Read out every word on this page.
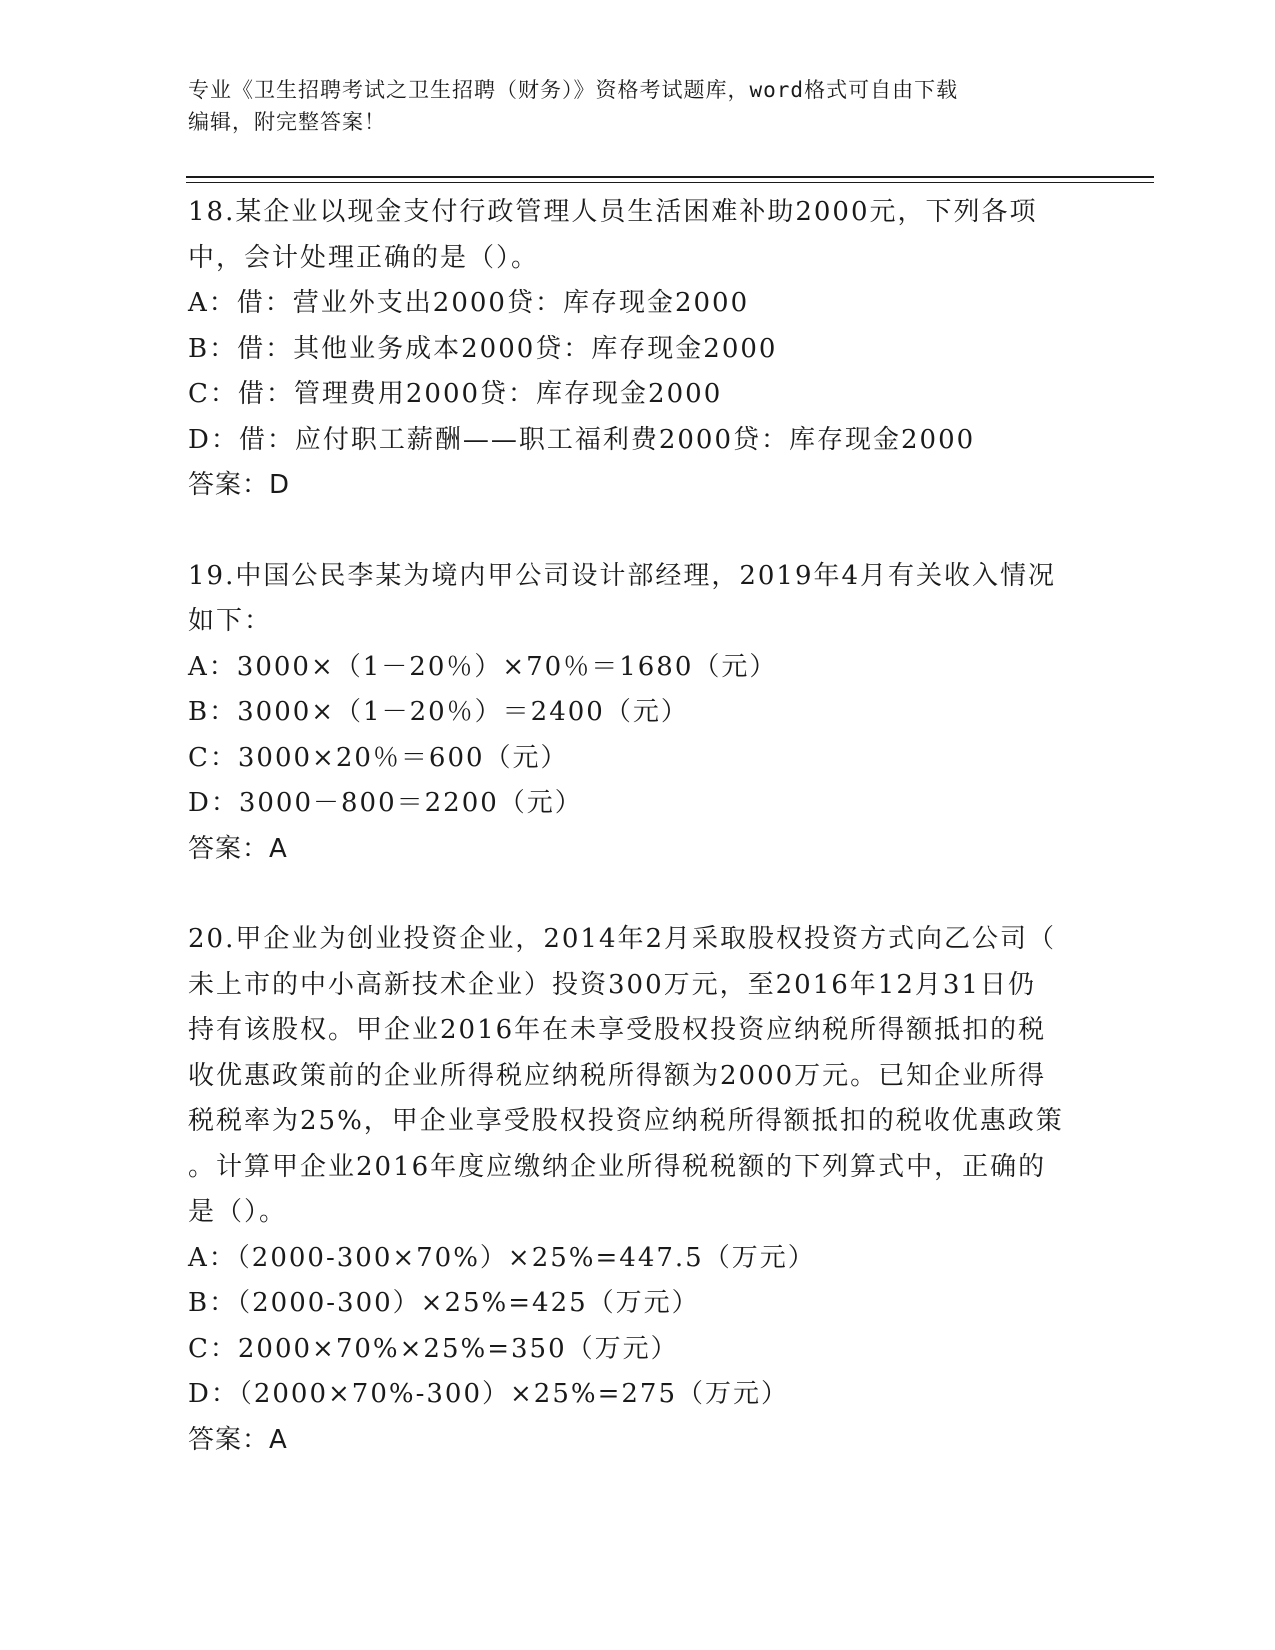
专业《卫生招聘考试之卫生招聘（财务）》资格考试题库，word格式可自由下载
编辑，附完整答案！

18.某企业以现金支付行政管理人员生活困难补助2000元，下列各项

中，会计处理正确的是（）。

A：借：营业外支出2000贷：库存现金2000

B：借：其他业务成本2000贷：库存现金2000

C：借：管理费用2000贷：库存现金2000

D：借：应付职工薪酬——职工福利费2000贷：库存现金2000

答案：D

19.中国公民李某为境内甲公司设计部经理，2019年4月有关收入情况

如下：

A：3000×（1－20％）×70％＝1680（元）

B：3000×（1－20％）＝2400（元）

C：3000×20％＝600（元）

D：3000－800＝2200（元）

答案：A

20.甲企业为创业投资企业，2014年2月采取股权投资方式向乙公司（

未上市的中小高新技术企业）投资300万元，至2016年12月31日仍

持有该股权。甲企业2016年在未享受股权投资应纳税所得额抵扣的税

收优惠政策前的企业所得税应纳税所得额为2000万元。已知企业所得

税税率为25%，甲企业享受股权投资应纳税所得额抵扣的税收优惠政策

。计算甲企业2016年度应缴纳企业所得税税额的下列算式中，正确的

是（）。

A：（2000-300×70%）×25%=447.5（万元）

B：（2000-300）×25%=425（万元）

C：2000×70%×25%=350（万元）

D：（2000×70%-300）×25%=275（万元）

答案：A
